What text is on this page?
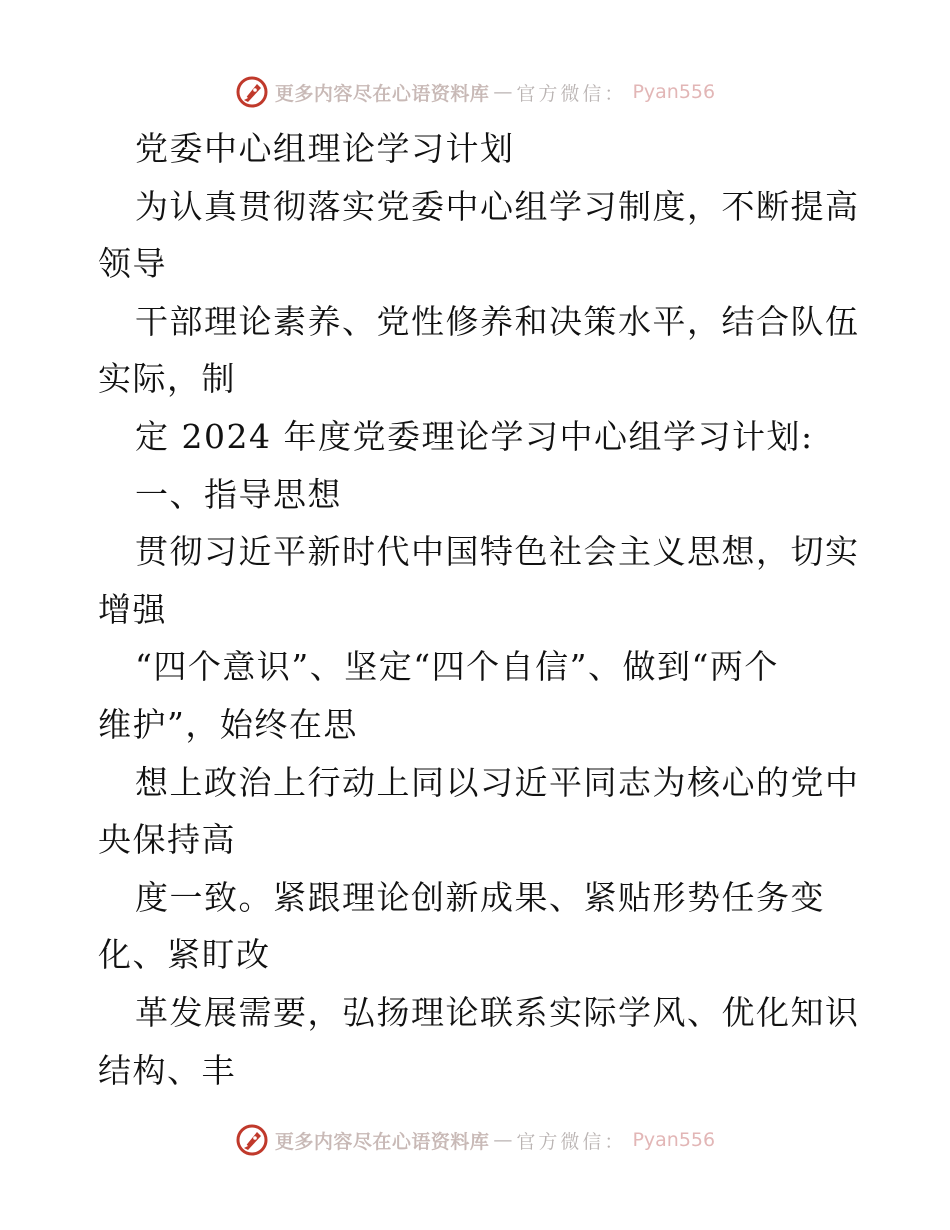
更多内容尽在心语资料库 — 官方微信： Pyan556
党委中心组理论学习计划
为认真贯彻落实党委中心组学习制度，不断提高
领导
干部理论素养、党性修养和决策水平，结合队伍
实际，制
定 2024 年度党委理论学习中心组学习计划:
一、指导思想
贯彻习近平新时代中国特色社会主义思想，切实
增强
“四个意识”、坚定“四个自信”、做到“两个
维护”，始终在思
想上政治上行动上同以习近平同志为核心的党中
央保持高
度一致。紧跟理论创新成果、紧贴形势任务变
化、紧盯改
革发展需要，弘扬理论联系实际学风、优化知识
结构、丰
更多内容尽在心语资料库 — 官方微信： Pyan556
